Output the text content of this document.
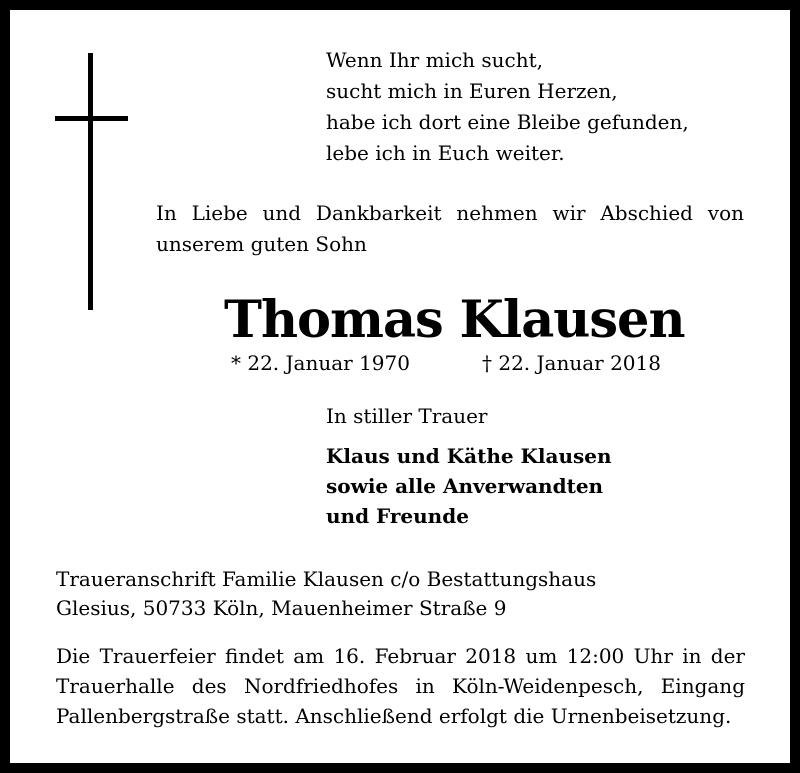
Wenn Ihr mich sucht,
sucht mich in Euren Herzen,
habe ich dort eine Bleibe gefunden,
lebe ich in Euch weiter.
In Liebe und Dankbarkeit nehmen wir Abschied von unserem guten Sohn
Thomas Klausen
* 22. Januar 1970	† 22. Januar 2018
In stiller Trauer
Klaus und Käthe Klausen
sowie alle Anverwandten
und Freunde
Traueranschrift Familie Klausen c/o Bestattungshaus
Glesius, 50733 Köln, Mauenheimer Straße 9
Die Trauerfeier findet am 16. Februar 2018 um 12:00 Uhr in der Trauerhalle des Nordfriedhofes in Köln-Weidenpesch, Eingang Pallenbergstraße statt. Anschließend erfolgt die Urnenbeisetzung.
